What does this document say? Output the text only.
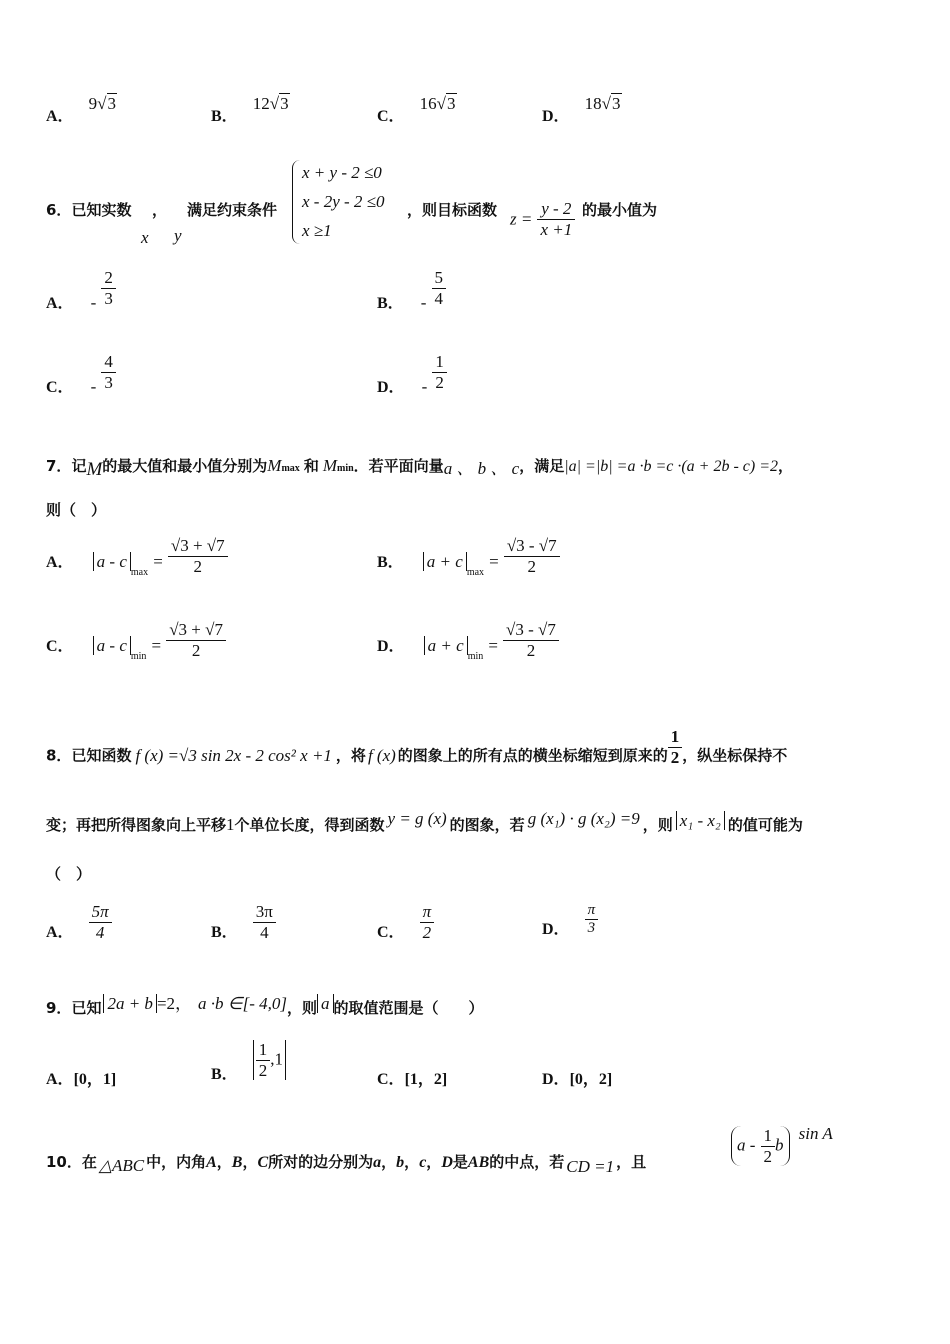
A． 9√3
B． 12√3
C． 16√3
D． 18√3
6．已知实数 ，
x y
满足约束条件
x + y - 2 ≤0
x - 2y - 2 ≤0
x ≥1
，则目标函数 $z = \frac{y - 2}{x +1}$ 的最小值为
A． - $\frac{2}{3}$	B． - $\frac{5}{4}$
C． - $\frac{4}{3}$	D． - $\frac{1}{2}$
7．记M的最大值和最小值分别为Mmax 和 Mmin．若平面向量a 、 b 、 c，满足|a| =|b| =a ·b =c ·(a + 2b - c) =2，
则（　）
A． $a - c_{max} = \frac{√3 + √7}{2}$	B． $a + c_{max} = \frac{√3 - √7}{2}$
C． $a - c_{min} = \frac{√3 + √7}{2}$	D． $a + c_{min} = \frac{√3 - √7}{2}$
8．已知函数 f (x) =√3 sin 2x - 2 cos² x +1 ，将 f (x) 的图象上的所有点的横坐标缩短到原来的 $\frac{1}{2}$ ，纵坐标保持不
变；再把所得图象向上平移1个单位长度，得到函数 y = g (x) 的图象，若 g (x₁) · g (x₂) =9 ，则 x₁ - x₂ 的值可能为
（　）
A． $\frac{5\pi}{4}$	B． $\frac{3\pi}{4}$	C． $\frac{\pi}{2}$	D． $\frac{\pi}{3}$
9．已知 2a + b =2， a ·b ∈[- 4,0]，则 a 的取值范围是（　　）
A．[0，1]	B． $\frac{1}{2} ,1$
C．[1，2]	D．[0，2]
10．在 △ABC 中，内角A，B，C所对的边分别为a，b，c，D是AB的中点，若 CD =1 ，且
a - $\frac{1}{2}$ b sin A
